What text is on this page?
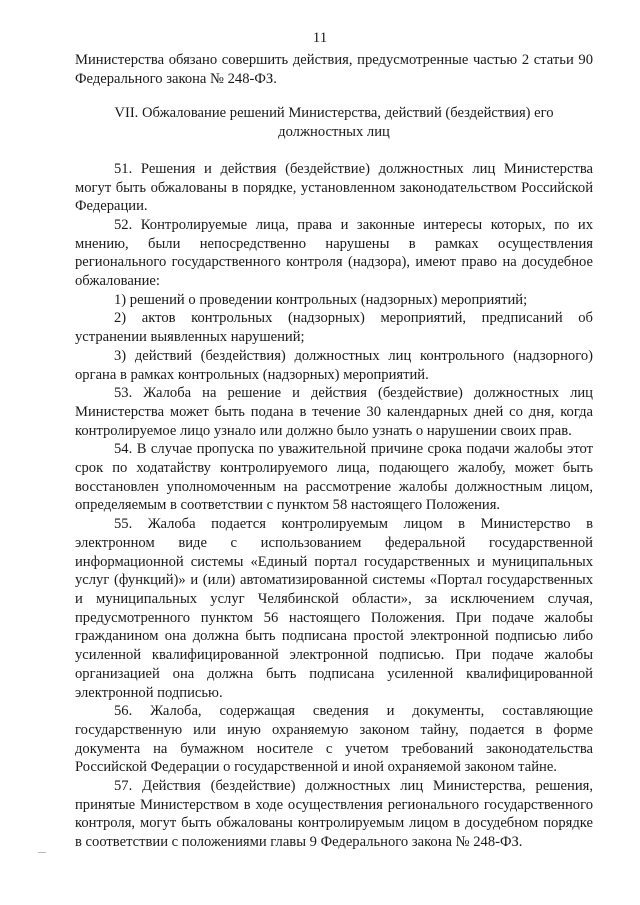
11

Министерства обязано совершить действия, предусмотренные частью 2 статьи 90 Федерального закона № 248-ФЗ.

VII. Обжалование решений Министерства, действий (бездействия) его
должностных лиц

51. Решения и действия (бездействие) должностных лиц Министерства могут быть обжалованы в порядке, установленном законодательством Российской Федерации.

52. Контролируемые лица, права и законные интересы которых, по их мнению, были непосредственно нарушены в рамках осуществления регионального государственного контроля (надзора), имеют право на досудебное обжалование:

1) решений о проведении контрольных (надзорных) мероприятий;

2) актов контрольных (надзорных) мероприятий, предписаний об устранении выявленных нарушений;

3) действий (бездействия) должностных лиц контрольного (надзорного) органа в рамках контрольных (надзорных) мероприятий.

53. Жалоба на решение и действия (бездействие) должностных лиц Министерства может быть подана в течение 30 календарных дней со дня, когда контролируемое лицо узнало или должно было узнать о нарушении своих прав.

54. В случае пропуска по уважительной причине срока подачи жалобы этот срок по ходатайству контролируемого лица, подающего жалобу, может быть восстановлен уполномоченным на рассмотрение жалобы должностным лицом, определяемым в соответствии с пунктом 58 настоящего Положения.

55. Жалоба подается контролируемым лицом в Министерство в электронном виде с использованием федеральной государственной информационной системы «Единый портал государственных и муниципальных услуг (функций)» и (или) автоматизированной системы «Портал государственных и муниципальных услуг Челябинской области», за исключением случая, предусмотренного пунктом 56 настоящего Положения. При подаче жалобы гражданином она должна быть подписана простой электронной подписью либо усиленной квалифицированной электронной подписью. При подаче жалобы организацией она должна быть подписана усиленной квалифицированной электронной подписью.

56. Жалоба, содержащая сведения и документы, составляющие государственную или иную охраняемую законом тайну, подается в форме документа на бумажном носителе с учетом требований законодательства Российской Федерации о государственной и иной охраняемой законом тайне.

57. Действия (бездействие) должностных лиц Министерства, решения, принятые Министерством в ходе осуществления регионального государственного контроля, могут быть обжалованы контролируемым лицом в досудебном порядке в соответствии с положениями главы 9 Федерального закона № 248-ФЗ.
